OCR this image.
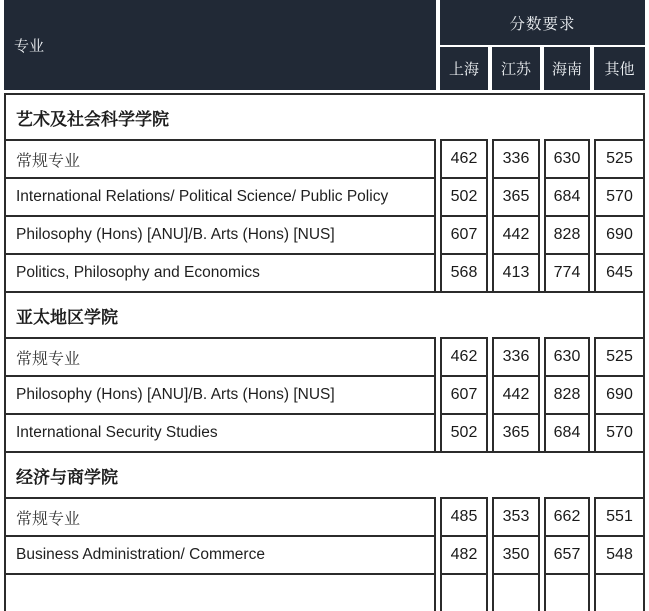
专业	分数要求			
	上海	江苏	海南	其他
艺术及社会科学学院				
常规专业	462	336	630	525
International Relations/ Political Science/ Public Policy	502	365	684	570
Philosophy (Hons) [ANU]/B. Arts (Hons) [NUS]	607	442	828	690
Politics, Philosophy and Economics	568	413	774	645
亚太地区学院				
常规专业	462	336	630	525
Philosophy (Hons) [ANU]/B. Arts (Hons) [NUS]	607	442	828	690
International Security Studies	502	365	684	570
经济与商学院				
常规专业	485	353	662	551
Business Administration/ Commerce	482	350	657	548
